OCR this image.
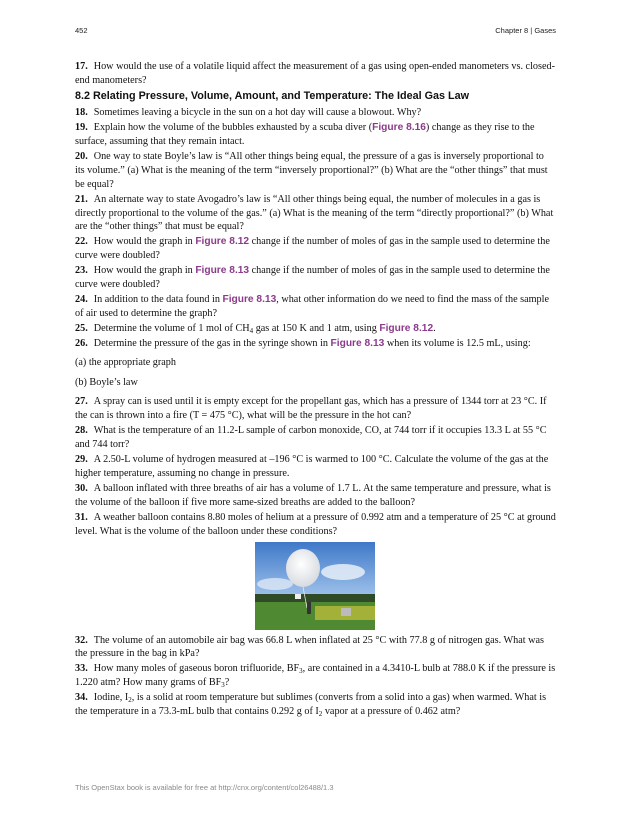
452	Chapter 8 | Gases

17. How would the use of a volatile liquid affect the measurement of a gas using open-ended manometers vs. closed-end manometers?

8.2 Relating Pressure, Volume, Amount, and Temperature: The Ideal Gas Law

18. Sometimes leaving a bicycle in the sun on a hot day will cause a blowout. Why?

19. Explain how the volume of the bubbles exhausted by a scuba diver (Figure 8.16) change as they rise to the surface, assuming that they remain intact.

20. One way to state Boyle’s law is “All other things being equal, the pressure of a gas is inversely proportional to its volume.” (a) What is the meaning of the term “inversely proportional?” (b) What are the “other things” that must be equal?

21. An alternate way to state Avogadro’s law is “All other things being equal, the number of molecules in a gas is directly proportional to the volume of the gas.” (a) What is the meaning of the term “directly proportional?” (b) What are the “other things” that must be equal?

22. How would the graph in Figure 8.12 change if the number of moles of gas in the sample used to determine the curve were doubled?

23. How would the graph in Figure 8.13 change if the number of moles of gas in the sample used to determine the curve were doubled?

24. In addition to the data found in Figure 8.13, what other information do we need to find the mass of the sample of air used to determine the graph?

25. Determine the volume of 1 mol of $CH_4$ gas at 150 K and 1 atm, using Figure 8.12.

26. Determine the pressure of the gas in the syringe shown in Figure 8.13 when its volume is 12.5 mL, using:

(a) the appropriate graph

(b) Boyle’s law

27. A spray can is used until it is empty except for the propellant gas, which has a pressure of 1344 torr at 23 °C. If the can is thrown into a fire (T = 475 °C), what will be the pressure in the hot can?

28. What is the temperature of an 11.2-L sample of carbon monoxide, CO, at 744 torr if it occupies 13.3 L at 55 °C and 744 torr?

29. A 2.50-L volume of hydrogen measured at –196 °C is warmed to 100 °C. Calculate the volume of the gas at the higher temperature, assuming no change in pressure.

30. A balloon inflated with three breaths of air has a volume of 1.7 L. At the same temperature and pressure, what is the volume of the balloon if five more same-sized breaths are added to the balloon?

31. A weather balloon contains 8.80 moles of helium at a pressure of 0.992 atm and a temperature of 25 °C at ground level. What is the volume of the balloon under these conditions?

32. The volume of an automobile air bag was 66.8 L when inflated at 25 °C with 77.8 g of nitrogen gas. What was the pressure in the bag in kPa?

33. How many moles of gaseous boron trifluoride, $BF_3$, are contained in a 4.3410-L bulb at 788.0 K if the pressure is 1.220 atm? How many grams of $BF_3$?

34. Iodine, $I_2$, is a solid at room temperature but sublimes (converts from a solid into a gas) when warmed. What is the temperature in a 73.3-mL bulb that contains 0.292 g of $I_2$ vapor at a pressure of 0.462 atm?

This OpenStax book is available for free at http://cnx.org/content/col26488/1.3
